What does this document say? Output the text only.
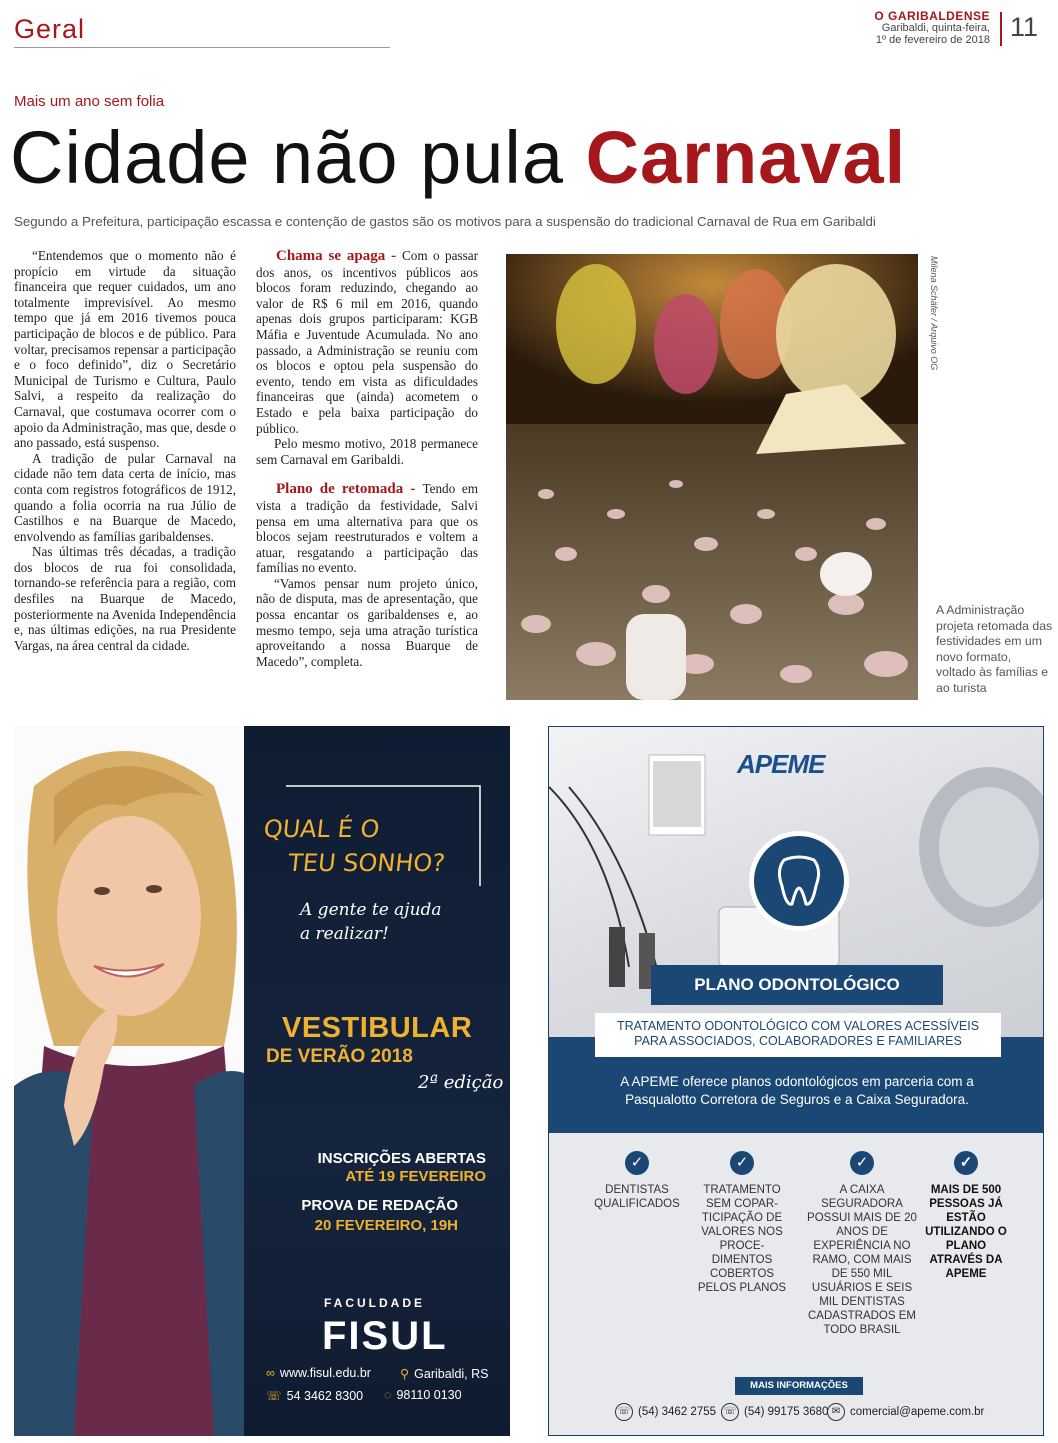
Geral	O GARIBALDENSE
Garibaldi, quinta-feira,
1º de fevereiro de 2018 11
Mais um ano sem folia
Cidade não pula Carnaval
Segundo a Prefeitura, participação escassa e contenção de gastos são os motivos para a suspensão do tradicional Carnaval de Rua em Garibaldi

“Entendemos que o momento não é propício em virtude da situação financeira que requer cuidados, um ano totalmente imprevisível. Ao mesmo tempo que já em 2016 tivemos pouca participação de blocos e de público. Para voltar, precisamos repensar a participação e o foco definido”, diz o Secretário Municipal de Turismo e Cultura, Paulo Salvi, a respeito da realização do Carnaval, que costumava ocorrer com o apoio da Administração, mas que, desde o ano passado, está suspenso.

A tradição de pular Carnaval na cidade não tem data certa de início, mas conta com registros fotográficos de 1912, quando a folia ocorria na rua Júlio de Castilhos e na Buarque de Macedo, envolvendo as famílias garibaldenses.

Nas últimas três décadas, a tradição dos blocos de rua foi consolidada, tornando-se referência para a região, com desfiles na Buarque de Macedo, posteriormente na Avenida Independência e, nas últimas edições, na rua Presidente Vargas, na área central da cidade.

Chama se apaga - Com o passar dos anos, os incentivos públicos aos blocos foram reduzindo, chegando ao valor de R$ 6 mil em 2016, quando apenas dois grupos participaram: KGB Máfia e Juventude Acumulada. No ano passado, a Administração se reuniu com os blocos e optou pela suspensão do evento, tendo em vista as dificuldades financeiras que (ainda) acometem o Estado e pela baixa participação do público.

Pelo mesmo motivo, 2018 permanece sem Carnaval em Garibaldi.

Plano de retomada - Tendo em vista a tradição da festividade, Salvi pensa em uma alternativa para que os blocos sejam reestruturados e voltem a atuar, resgatando a participação das famílias no evento.

“Vamos pensar num projeto único, não de disputa, mas de apresentação, que possa encantar os garibaldenses e, ao mesmo tempo, seja uma atração turística aproveitando a nossa Buarque de Macedo”, completa.

Milena Schäfer / Arquivo OG
A Administração projeta retomada das festividades em um novo formato, voltado às famílias e ao turista
QUAL É O
TEU SONHO?
A gente te ajuda
a realizar!
VESTIBULAR
DE VERÃO 2018
2ª edição
INSCRIÇÕES ABERTAS
ATÉ 19 FEVEREIRO
PROVA DE REDAÇÃO
20 FEVEREIRO, 19H
FACULDADE
FISUL
∞ www.fisul.edu.br ⚲ Garibaldi, RS
☏ 54 3462 8300 ◌ 98110 0130
APEME
A APEME oferece planos odontológicos em parceria com a
Pasqualotto Corretora de Seguros e a Caixa Seguradora.
PLANO ODONTOLÓGICO
TRATAMENTO ODONTOLÓGICO COM VALORES ACESSÍVEIS
PARA ASSOCIADOS, COLABORADORES E FAMILIARES
✓
DENTISTAS QUALIFICADOS
✓
TRATAMENTO SEM COPAR-TICIPAÇÃO DE VALORES NOS PROCE-DIMENTOS COBERTOS PELOS PLANOS
✓
A CAIXA SEGURADORA POSSUI MAIS DE 20 ANOS DE EXPERIÊNCIA NO RAMO, COM MAIS DE 550 MIL USUÁRIOS E SEIS MIL DENTISTAS CADASTRADOS EM TODO BRASIL
✓
MAIS DE 500 PESSOAS JÁ ESTÃO UTILIZANDO O PLANO ATRAVÉS DA APEME
MAIS INFORMAÇÕES
☏ (54) 3462 2755 ☏ (54) 99175 3680 ✉ comercial@apeme.com.br
